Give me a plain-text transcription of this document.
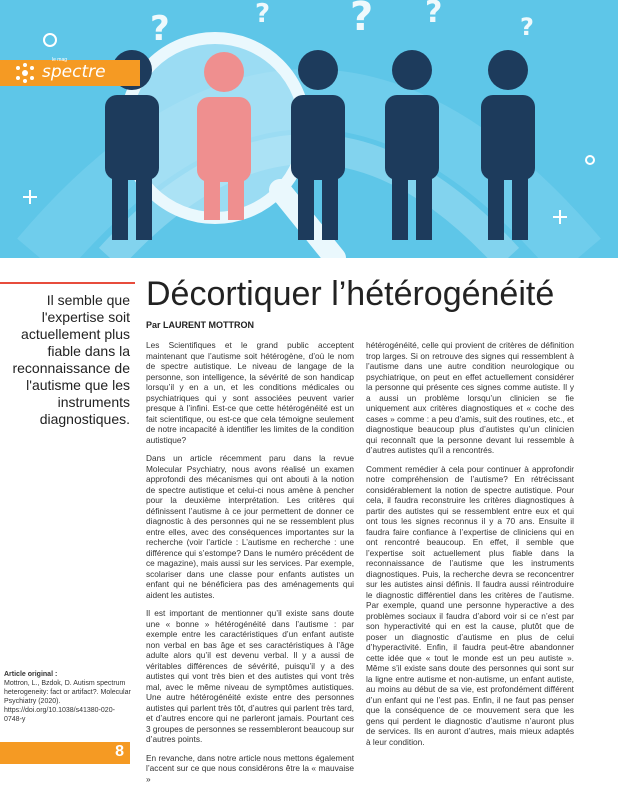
?	? ? ?	?
le mag
spectre
Il semble que l'expertise soit actuellement plus fiable dans la reconnaissance de l'autisme que les instruments diagnostiques.
Article original :
Mottron, L., Bzdok, D. Autism spectrum heterogeneity: fact or artifact?. Molecular Psychiatry (2020). https://doi.org/10.1038/s41380-020-0748-y
8
Décortiquer l’hétérogénéité
Par LAURENT MOTTRON

Les Scientifiques et le grand public acceptent maintenant que l’autisme soit hétérogène, d’où le nom de spectre autistique. Le niveau de langage de la personne, son intelligence, la sévérité de son handicap lorsqu’il y en a un, et les conditions médicales ou psychiatriques qui y sont associées peuvent varier presque à l’infini. Est-ce que cette hétérogénéité est un fait scientifique, ou est-ce que cela témoigne seulement de notre incapacité à identifier les limites de la condition autistique?

Dans un article récemment paru dans la revue Molecular Psychiatry, nous avons réalisé un examen approfondi des mécanismes qui ont abouti à la notion de spectre autistique et celui-ci nous amène à pencher pour la deuxième interprétation. Les critères qui définissent l’autisme à ce jour permettent de donner ce diagnostic à des personnes qui ne se ressemblent plus entre elles, avec des conséquences importantes sur la recherche (voir l’article : L’autisme en recherche : une différence qui s’estompe? Dans le numéro précédent de ce magazine), mais aussi sur les services. Par exemple, scolariser dans une classe pour enfants autistes un enfant qui ne bénéficiera pas des aménagements qui aident les autistes.

Il est important de mentionner qu’il existe sans doute une « bonne » hétérogénéité dans l’autisme : par exemple entre les caractéristiques d’un enfant autiste non verbal en bas âge et ses caractéristiques à l’âge adulte alors qu’il est devenu verbal. Il y a aussi de véritables différences de sévérité, puisqu’il y a des autistes qui vont très bien et des autistes qui vont très mal, avec le même niveau de symptômes autistiques. Une autre hétérogénéité existe entre des personnes autistes qui parlent très tôt, d’autres qui parlent très tard, et d’autres encore qui ne parleront jamais. Pourtant ces 3 groupes de personnes se ressembleront beaucoup sur d’autres points.

En revanche, dans notre article nous mettons également l’accent sur ce que nous considérons être la « mauvaise »

hétérogénéité, celle qui provient de critères de définition trop larges. Si on retrouve des signes qui ressemblent à l’autisme dans une autre condition neurologique ou psychiatrique, on peut en effet actuellement considérer la personne qui présente ces signes comme autiste. Il y a aussi un problème lorsqu’un clinicien se fie uniquement aux critères diagnostiques et « coche des cases » comme : a peu d’amis, suit des routines, etc., et diagnostique beaucoup plus d’autistes qu’un clinicien qui reconnaît que la personne devant lui ressemble à d’autres autistes qu’il a rencontrés.

Comment remédier à cela pour continuer à approfondir notre compréhension de l’autisme? En rétrécissant considérablement la notion de spectre autistique. Pour cela, il faudra reconstruire les critères diagnostiques à partir des autistes qui se ressemblent entre eux et qui ont tous les signes reconnus il y a 70 ans. Ensuite il faudra faire confiance à l’expertise de cliniciens qui en ont rencontré beaucoup. En effet, il semble que l’expertise soit actuellement plus fiable dans la reconnaissance de l’autisme que les instruments diagnostiques. Puis, la recherche devra se reconcentrer sur les autistes ainsi définis. Il faudra aussi réintroduire le diagnostic différentiel dans les critères de l’autisme. Par exemple, quand une personne hyperactive a des problèmes sociaux il faudra d’abord voir si ce n’est par son hyperactivité qui en est la cause, plutôt que de poser un diagnostic d’autisme en plus de celui d’hyperactivité. Enfin, il faudra peut-être abandonner cette idée que « tout le monde est un peu autiste ». Même s’il existe sans doute des personnes qui sont sur la ligne entre autisme et non-autisme, un enfant autiste, au moins au début de sa vie, est profondément différent d’un enfant qui ne l’est pas. Enfin, il ne faut pas penser que la conséquence de ce mouvement sera que les gens qui perdent le diagnostic d’autisme n’auront plus de services. Ils en auront d’autres, mais mieux adaptés à leur condition.
